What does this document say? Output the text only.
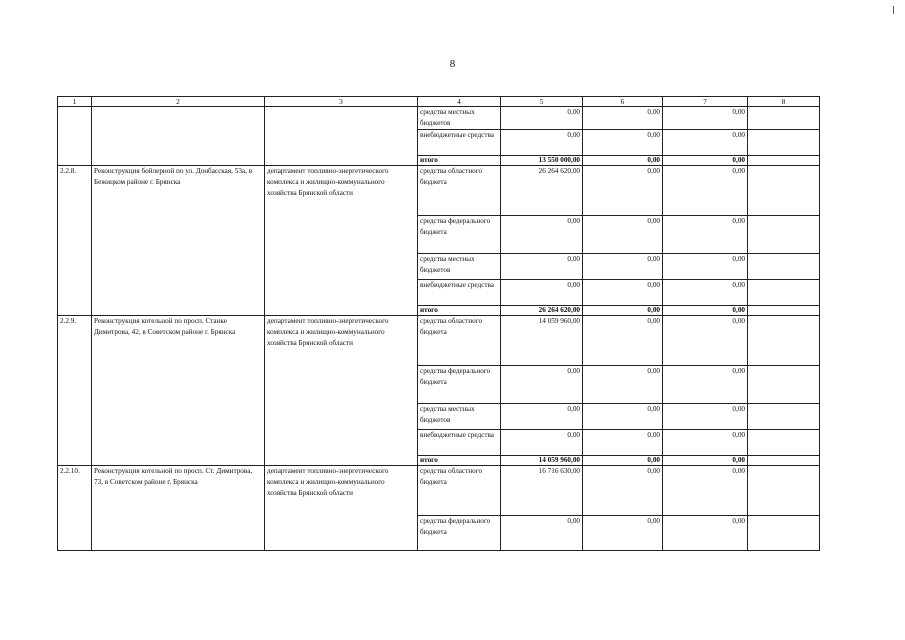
8
1	2	3	4	5	6	7	8
			средства местных бюджетов	0,00	0,00	0,00	
			внебюджетные средства	0,00	0,00	0,00	
			итого	13 550 000,00	0,00	0,00	
2.2.8.	Реконструкция бойлерной по ул. Донбасская, 53а, в Бежицком районе г. Брянска	департамент топливно-энергетического комплекса и жилищно-коммунального хозяйства Брянской области	средства областного бюджета	26 264 620,00	0,00	0,00	
			средства федерального бюджета	0,00	0,00	0,00	
			средства местных бюджетов	0,00	0,00	0,00	
			внебюджетные средства	0,00	0,00	0,00	
			итого	26 264 620,00	0,00	0,00	
2.2.9.	Реконструкция котельной по просп. Станке Димитрова, 42, в Советском районе г. Брянска	департамент топливно-энергетического комплекса и жилищно-коммунального хозяйства Брянской области	средства областного бюджета	14 059 960,00	0,00	0,00	
			средства федерального бюджета	0,00	0,00	0,00	
			средства местных бюджетов	0,00	0,00	0,00	
			внебюджетные средства	0,00	0,00	0,00	
			итого	14 059 960,00	0,00	0,00	
2.2.10.	Реконструкция котельной по просп. Ст. Димитрова, 73, в Советском районе г. Брянска	департамент топливно-энергетического комплекса и жилищно-коммунального хозяйства Брянской области	средства областного бюджета	16 716 630,00	0,00	0,00	
			средства федерального бюджета	0,00	0,00	0,00	
